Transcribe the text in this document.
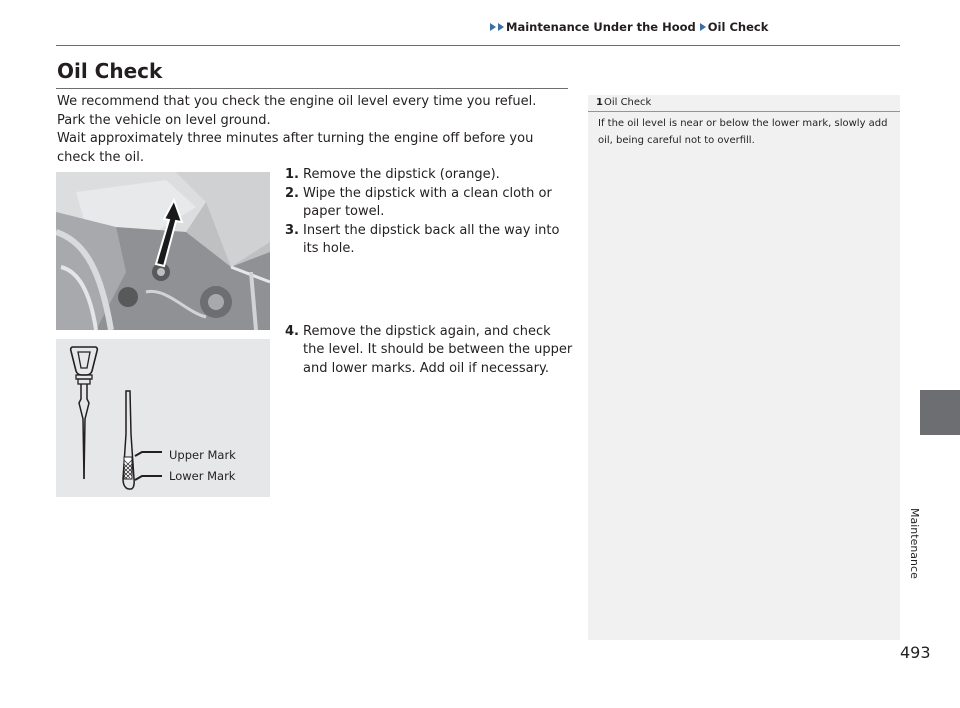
Maintenance Under the Hood Oil Check
Oil Check

We recommend that you check the engine oil level every time you refuel.

Park the vehicle on level ground.

Wait approximately three minutes after turning the engine off before you check the oil.

Upper Mark
Lower Mark
1. Remove the dipstick (orange).
2. Wipe the dipstick with a clean cloth or paper towel.
3. Insert the dipstick back all the way into its hole.
4. Remove the dipstick again, and check the level. It should be between the upper and lower marks. Add oil if necessary.
1Oil Check
If the oil level is near or below the lower mark, slowly add oil, being careful not to overfill.
Maintenance
493
